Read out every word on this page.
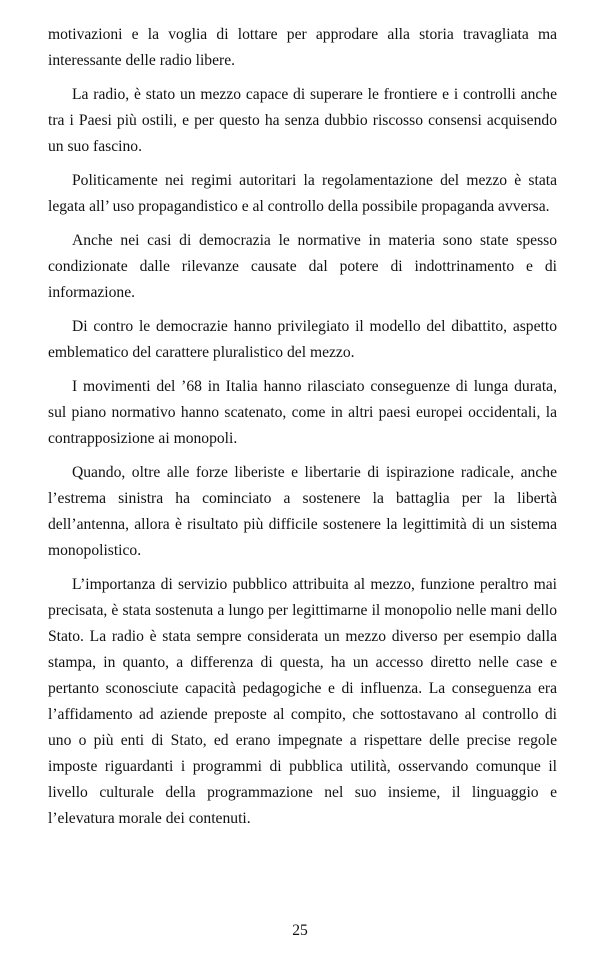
motivazioni e la voglia di lottare per approdare alla storia travagliata ma interessante delle radio libere.

La radio, è stato un mezzo capace di superare le frontiere e i controlli anche tra i Paesi più ostili, e per questo ha senza dubbio riscosso consensi acquisendo un suo fascino.

Politicamente nei regimi autoritari la regolamentazione del mezzo è stata legata all’ uso propagandistico e al controllo della possibile propaganda avversa.

Anche nei casi di democrazia le normative in materia sono state spesso condizionate dalle rilevanze causate dal potere di indottrinamento e di informazione.

Di contro le democrazie hanno privilegiato il modello del dibattito, aspetto emblematico del carattere pluralistico del mezzo.

I movimenti del ’68 in Italia hanno rilasciato conseguenze di lunga durata, sul piano normativo hanno scatenato, come in altri paesi europei occidentali, la contrapposizione ai monopoli.

Quando, oltre alle forze liberiste e libertarie di ispirazione radicale, anche l’estrema sinistra ha cominciato a sostenere la battaglia per la libertà dell’antenna, allora è risultato più difficile sostenere la legittimità di un sistema monopolistico.

L’importanza di servizio pubblico attribuita al mezzo, funzione peraltro mai precisata, è stata sostenuta a lungo per legittimarne il monopolio nelle mani dello Stato. La radio è stata sempre considerata un mezzo diverso per esempio dalla stampa, in quanto, a differenza di questa, ha un accesso diretto nelle case e pertanto sconosciute capacità pedagogiche e di influenza. La conseguenza era l’affidamento ad aziende preposte al compito, che sottostavano al controllo di uno o più enti di Stato, ed erano impegnate a rispettare delle precise regole imposte riguardanti i programmi di pubblica utilità, osservando comunque il livello culturale della programmazione nel suo insieme, il linguaggio e l’elevatura morale dei contenuti.

25
